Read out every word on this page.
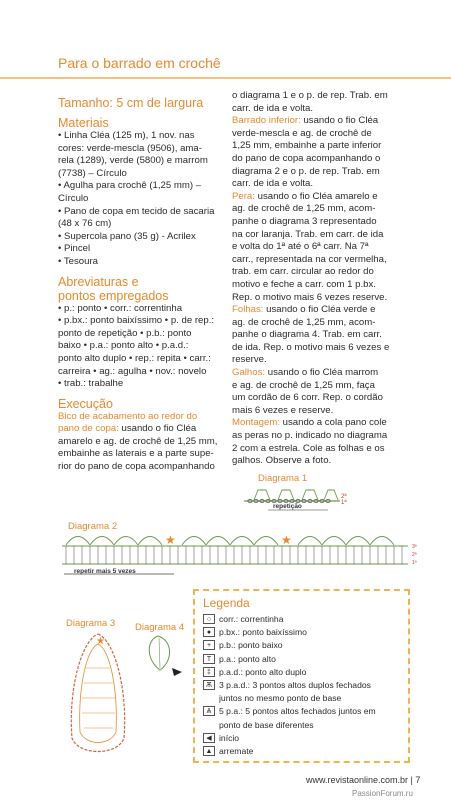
Para o barrado em crochê
Tamanho: 5 cm de largura
Materiais
• Linha Cléa (125 m), 1 nov. nas
cores: verde-mescla (9506), ama-
rela (1289), verde (5800) e marrom
(7738) – Círculo
• Agulha para crochê (1,25 mm) –
Círculo
• Pano de copa em tecido de sacaria
(48 x 76 cm)
• Supercola pano (35 g) - Acrilex
• Pincel
• Tesoura
Abreviaturas e
pontos empregados
• p.: ponto • corr.: correntinha
• p.bx.: ponto baixíssimo • p. de rep.:
ponto de repetição • p.b.: ponto
baixo • p.a.: ponto alto • p.a.d.:
ponto alto duplo • rep.: repita • carr.:
carreira • ag.: agulha • nov.: novelo
• trab.: trabalhe
Execução
Bico de acabamento ao redor do
pano de copa: usando o fio Cléa
amarelo e ag. de crochê de 1,25 mm,
embainhe as laterais e a parte supe-
rior do pano de copa acompanhando
o diagrama 1 e o p. de rep. Trab. em
carr. de ida e volta.
Barrado inferior: usando o fio Cléa
verde-mescla e ag. de crochê de
1,25 mm, embainhe a parte inferior
do pano de copa acompanhando o
diagrama 2 e o p. de rep. Trab. em
carr. de ida e volta.
Pera: usando o fio Cléa amarelo e
ag. de crochê de 1,25 mm, acom-
panhe o diagrama 3 representado
na cor laranja. Trab. em carr. de ida
e volta do 1ª até o 6ª carr. Na 7ª
carr., representada na cor vermelha,
trab. em carr. circular ao redor do
motivo e feche a carr. com 1 p.bx.
Rep. o motivo mais 6 vezes reserve.
Folhas: usando o fio Cléa verde e
ag. de crochê de 1,25 mm, acom-
panhe o diagrama 4. Trab. em carr.
de ida. Rep. o motivo mais 6 vezes e
reserve.
Galhos: usando o fio Cléa marrom
e ag. de crochê de 1,25 mm, faça
um cordão de 6 corr. Rep. o cordão
mais 6 vezes e reserve.
Montagem: usando a cola pano cole
as peras no p. indicado no diagrama
2 com a estrela. Cole as folhas e os
galhos. Observe a foto.
Diagrama 1
2ª
1ª
repetição
Diagrama 2
★	★	3ª
2ª
1ª
repetir mais 5 vezes
Diagrama 3
★
Diagrama 4
Legenda
○ corr.: correntinha
● p.bx.: ponto baixíssimo
+ p.b.: ponto baixo
T p.a.: ponto alto
‡ p.a.d.: ponto alto duplo
Ѫ 3 p.a.d.: 3 pontos altos duplos fechados
juntos no mesmo ponto de base
Ѧ 5 p.a.: 5 pontos altos fechados juntos em
ponto de base diferentes
◀ início
▲ arremate
www.revistaonline.com.br | 7
PassionForum.ru
